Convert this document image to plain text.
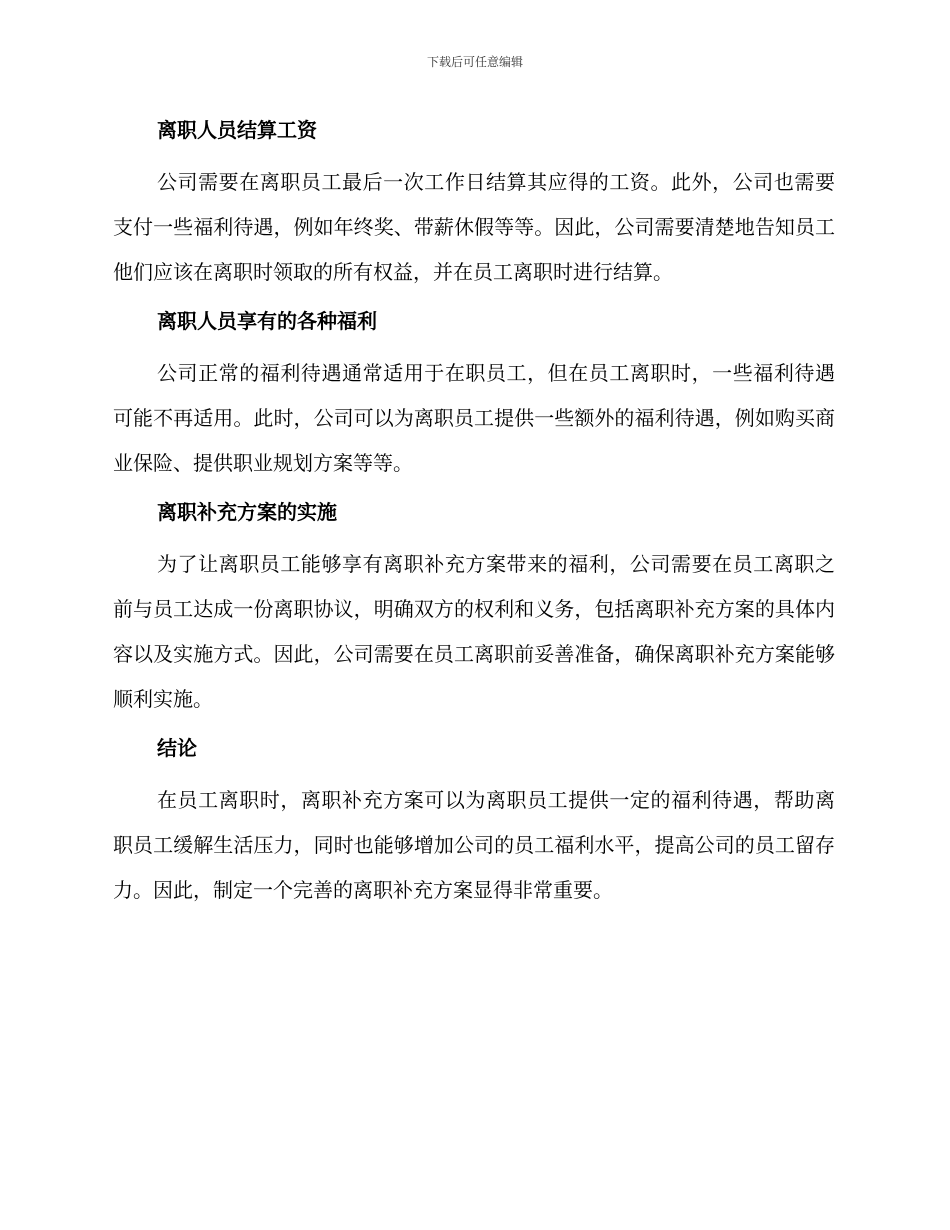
下载后可任意编辑
离职人员结算工资

公司需要在离职员工最后一次工作日结算其应得的工资。此外，公司也需要支付一些福利待遇，例如年终奖、带薪休假等等。因此，公司需要清楚地告知员工他们应该在离职时领取的所有权益，并在员工离职时进行结算。

离职人员享有的各种福利

公司正常的福利待遇通常适用于在职员工，但在员工离职时，一些福利待遇可能不再适用。此时，公司可以为离职员工提供一些额外的福利待遇，例如购买商业保险、提供职业规划方案等等。

离职补充方案的实施

为了让离职员工能够享有离职补充方案带来的福利，公司需要在员工离职之前与员工达成一份离职协议，明确双方的权利和义务，包括离职补充方案的具体内容以及实施方式。因此，公司需要在员工离职前妥善准备，确保离职补充方案能够顺利实施。

结论

在员工离职时，离职补充方案可以为离职员工提供一定的福利待遇，帮助离职员工缓解生活压力，同时也能够增加公司的员工福利水平，提高公司的员工留存力。因此，制定一个完善的离职补充方案显得非常重要。
